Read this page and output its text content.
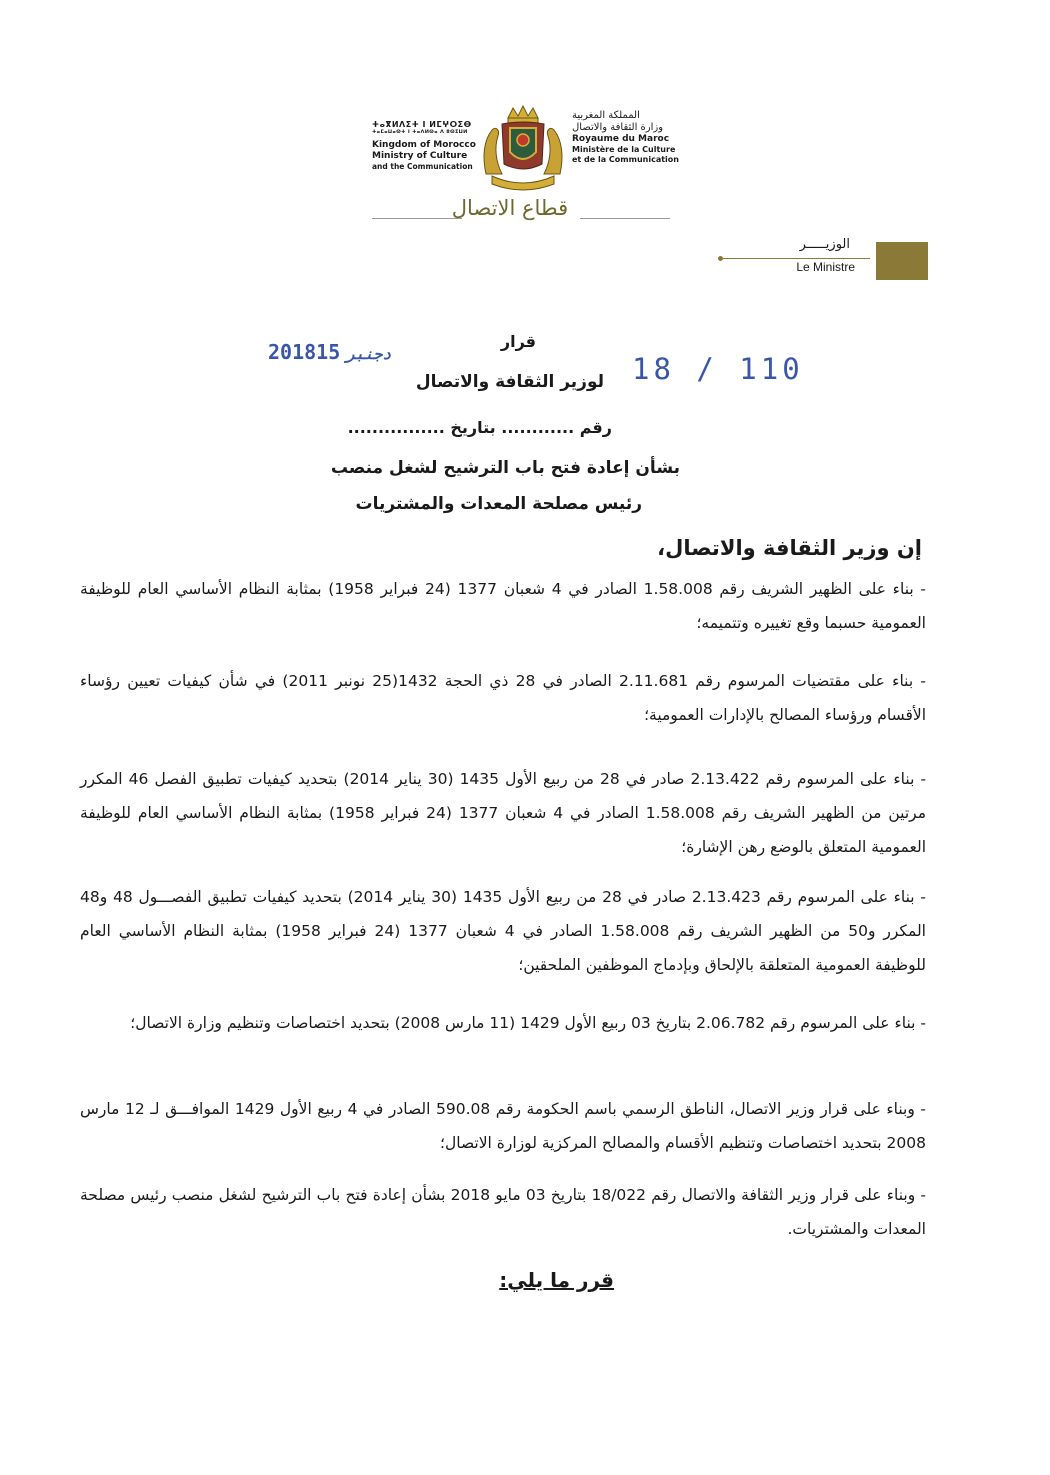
ⵜⴰⴳⵍⴷⵉⵜ ⵏ ⵍⵎⵖⵔⵉⴱ
ⵜⴰⵎⴰⵡⴰⵙⵜ ⵏ ⵜⴰⴷⵍⵙⴰ ⴷ ⵓⵙⵉⵡⵍ
Kingdom of Morocco
Ministry of Culture
and the Communication
المملكة المغربية
وزارة الثقافة والاتصال
Royaume du Maroc
Ministère de la Culture
et de la Communication
قطاع الاتصال
الوزيـــــر
Le Ministre
2018 دجنبر15	18 / 110
قرار
لوزير الثقافة والاتصال
رقم ............ بتاريخ ................
بشأن إعادة فتح باب الترشيح لشغل منصب
رئيس مصلحة المعدات والمشتريات
إن وزير الثقافة والاتصال،
- بناء على الظهير الشريف رقم 1.58.008 الصادر في 4 شعبان 1377 (24 فبراير 1958) بمثابة النظام الأساسي العام للوظيفة العمومية حسبما وقع تغييره وتتميمه؛
- بناء على مقتضيات المرسوم رقم 2.11.681 الصادر في 28 ذي الحجة 1432(25 نونبر 2011) في شأن كيفيات تعيين رؤساء الأقسام ورؤساء المصالح بالإدارات العمومية؛
- بناء على المرسوم رقم 2.13.422 صادر في 28 من ربيع الأول 1435 (30 يناير 2014) بتحديد كيفيات تطبيق الفصل 46 المكرر مرتين من الظهير الشريف رقم 1.58.008 الصادر في 4 شعبان 1377 (24 فبراير 1958) بمثابة النظام الأساسي العام للوظيفة العمومية المتعلق بالوضع رهن الإشارة؛
- بناء على المرسوم رقم 2.13.423 صادر في 28 من ربيع الأول 1435 (30 يناير 2014) بتحديد كيفيات تطبيق الفصـــول 48 و48 المكرر و50 من الظهير الشريف رقم 1.58.008 الصادر في 4 شعبان 1377 (24 فبراير 1958) بمثابة النظام الأساسي العام للوظيفة العمومية المتعلقة بالإلحاق وبإدماج الموظفين الملحقين؛
- بناء على المرسوم رقم 2.06.782 بتاريخ 03 ربيع الأول 1429 (11 مارس 2008) بتحديد اختصاصات وتنظيم وزارة الاتصال؛
- وبناء على قرار وزير الاتصال، الناطق الرسمي باسم الحكومة رقم 590.08 الصادر في 4 ربيع الأول 1429 الموافـــق لـ 12 مارس 2008 بتحديد اختصاصات وتنظيم الأقسام والمصالح المركزية لوزارة الاتصال؛
- وبناء على قرار وزير الثقافة والاتصال رقم 18/022 بتاريخ 03 مايو 2018 بشأن إعادة فتح باب الترشيح لشغل منصب رئيس مصلحة المعدات والمشتريات.
قرر ما يلي:
